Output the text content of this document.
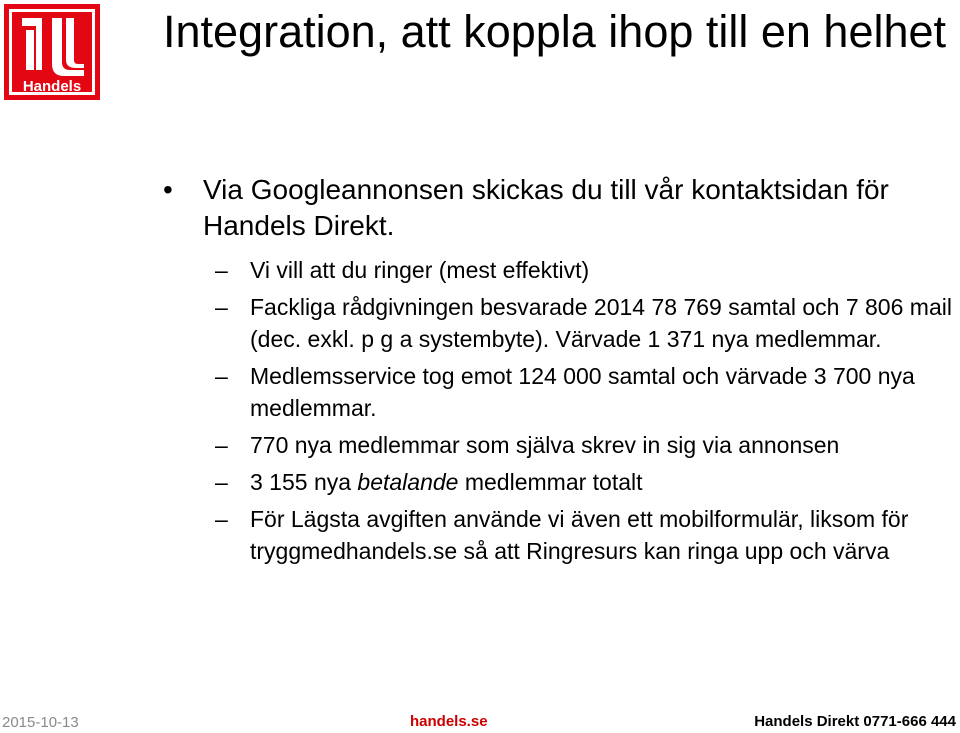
Handels
Integration, att koppla ihop till en helhet
•	Via Googleannonsen skickas du till vår kontaktsidan för Handels Direkt.
– Vi vill att du ringer (mest effektivt)
– Fackliga rådgivningen besvarade 2014 78 769 samtal och 7 806 mail (dec. exkl. p g a systembyte). Värvade 1 371 nya medlemmar.
– Medlemsservice tog emot 124 000 samtal och värvade 3 700 nya medlemmar.
– 770 nya medlemmar som själva skrev in sig via annonsen
– 3 155 nya betalande medlemmar totalt
– För Lägsta avgiften använde vi även ett mobilformulär, liksom för tryggmedhandels.se så att Ringresurs kan ringa upp och värva
2015-10-13	handels.se	Handels Direkt 0771-666 444
